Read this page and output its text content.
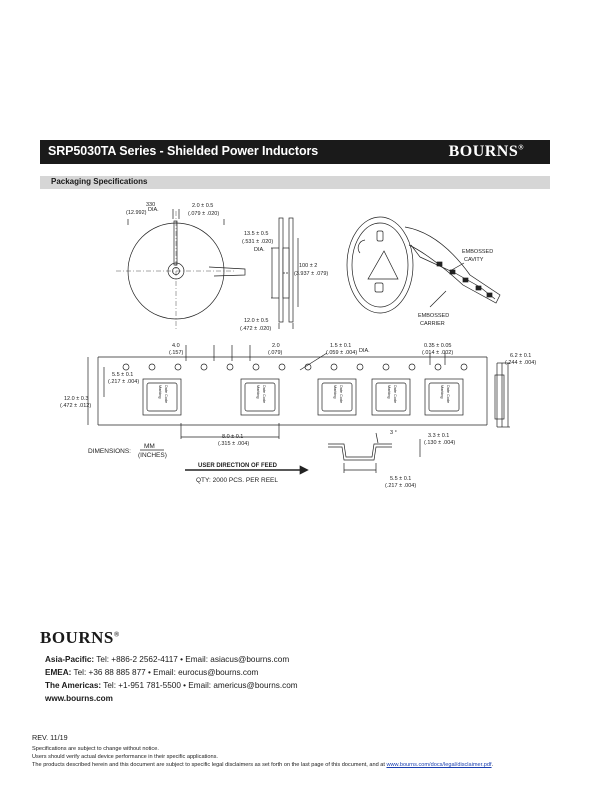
SRP5030TA Series - Shielded Power Inductors	BOURNS®
Packaging Specifications
330
(12.992) DIA.
2.0 ± 0.5
(.079 ± .020)
13.5 ± 0.5
(.531 ± .020)
DIA.
100 ± 2
(3.937 ± .079)
12.0 ± 0.5
(.472 ± .020)
EMBOSSED
CAVITY
EMBOSSED
CARRIER
4.0
(.157)
2.0
(.079)
1.5 ± 0.1
(.059 ± .004) DIA.
0.35 ± 0.05
(.014 ± .002)	6.2 ± 0.1
(.244 ± .004)
5.5 ± 0.1
(.217 ± .004)
12.0 ± 0.3
(.472 ± .012)
8.0 ± 0.1
(.315 ± .004)
3 °	3.3 ± 0.1
(.130 ± .004)
5.5 ± 0.1
(.217 ± .004)
Marking Date Code	Marking Date Code	Marking Date Code	Marking Date Code	Marking Date Code
DIMENSIONS:
MM
(INCHES)
USER DIRECTION OF FEED
QTY: 2000 PCS. PER REEL
BOURNS®
Asia-Pacific: Tel: +886-2 2562-4117 • Email: asiacus@bourns.com
EMEA: Tel: +36 88 885 877 • Email: eurocus@bourns.com
The Americas: Tel: +1-951 781-5500 • Email: americus@bourns.com
www.bourns.com
REV. 11/19
Specifications are subject to change without notice.
Users should verify actual device performance in their specific applications.
The products described herein and this document are subject to specific legal disclaimers as set forth on the last page of this document, and at www.bourns.com/docs/legal/disclaimer.pdf.
